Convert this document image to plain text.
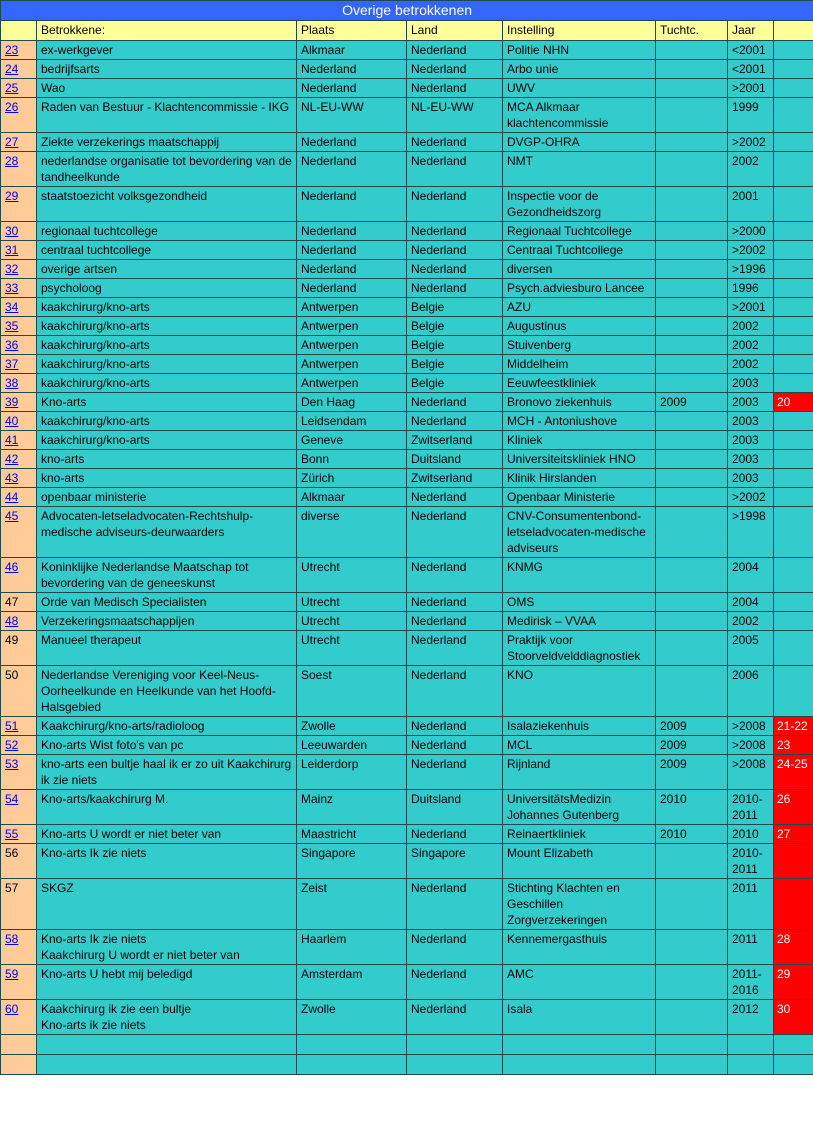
Overige betrokkenen							
	Betrokkene:	Plaats	Land	Instelling	Tuchtc.	Jaar	
23	ex-werkgever	Alkmaar	Nederland	Politie NHN		<2001	
24	bedrijfsarts	Nederland	Nederland	Arbo unie		<2001	
25	Wao	Nederland	Nederland	UWV		>2001	
26	Raden van Bestuur - Klachtencommissie - IKG	NL-EU-WW	NL-EU-WW	MCA Alkmaar klachtencommissie		1999	
27	Ziekte verzekerings maatschappij	Nederland	Nederland	DVGP-OHRA		>2002	
28	nederlandse organisatie tot bevordering van de tandheelkunde	Nederland	Nederland	NMT		2002	
29	staatstoezicht volksgezondheid	Nederland	Nederland	Inspectie voor de Gezondheidszorg		2001	
30	regionaal tuchtcollege	Nederland	Nederland	Regionaal Tuchtcollege		>2000	
31	centraal tuchtcollege	Nederland	Nederland	Centraal Tuchtcollege		>2002	
32	overige artsen	Nederland	Nederland	diversen		>1996	
33	psycholoog	Nederland	Nederland	Psych.adviesburo Lancee		1996	
34	kaakchirurg/kno-arts	Antwerpen	Belgie	AZU		>2001	
35	kaakchirurg/kno-arts	Antwerpen	Belgie	Augustinus		2002	
36	kaakchirurg/kno-arts	Antwerpen	Belgie	Stuivenberg		2002	
37	kaakchirurg/kno-arts	Antwerpen	Belgie	Middelheim		2002	
38	kaakchirurg/kno-arts	Antwerpen	Belgie	Eeuwfeestkliniek		2003	
39	Kno-arts	Den Haag	Nederland	Bronovo ziekenhuis	2009	2003	20
40	kaakchirurg/kno-arts	Leidsendam	Nederland	MCH - Antoniushove		2003	
41	kaakchirurg/kno-arts	Geneve	Zwitserland	Kliniek		2003	
42	kno-arts	Bonn	Duitsland	Universiteitskliniek HNO		2003	
43	kno-arts	Zürich	Zwitserland	Klinik Hirslanden		2003	
44	openbaar ministerie	Alkmaar	Nederland	Openbaar Ministerie		>2002	
45	Advocaten-letseladvocaten-Rechtshulp-medische adviseurs-deurwaarders	diverse	Nederland	CNV-Consumentenbond-letseladvocaten-medische adviseurs		>1998	
46	Koninklijke Nederlandse Maatschap tot bevordering van de geneeskunst	Utrecht	Nederland	KNMG		2004	
47	Orde van Medisch Specialisten	Utrecht	Nederland	OMS		2004	
48	Verzekeringsmaatschappijen	Utrecht	Nederland	Medirisk – VVAA		2002	
49	Manueel therapeut	Utrecht	Nederland	Praktijk voor Stoorveldvelddiagnostiek		2005	
50	Nederlandse Vereniging voor Keel-Neus-Oorheelkunde en Heelkunde van het Hoofd-Halsgebied	Soest	Nederland	KNO		2006	
51	Kaakchirurg/kno-arts/radioloog	Zwolle	Nederland	Isalaziekenhuis	2009	>2008	21-22
52	Kno-arts Wist foto's van pc	Leeuwarden	Nederland	MCL	2009	>2008	23
53	kno-arts een bultje haal ik er zo uit Kaakchirurg ik zie niets	Leiderdorp	Nederland	Rijnland	2009	>2008	24-25
54	Kno-arts/kaakchirurg M.	Mainz	Duitsland	UniversitätsMedizin Johannes Gutenberg	2010	2010-2011	26
55	Kno-arts U wordt er niet beter van	Maastricht	Nederland	Reinaertkliniek	2010	2010	27
56	Kno-arts Ik zie niets	Singapore	Singapore	Mount Elizabeth		2010-2011	
57	SKGZ	Zeist	Nederland	Stichting Klachten en Geschillen Zorgverzekeringen		2011	
58	Kno-arts Ik zie niets
Kaakchirurg U wordt er niet beter van	Haarlem	Nederland	Kennemergasthuis		2011	28
59	Kno-arts U hebt mij beledigd	Amsterdam	Nederland	AMC		2011-2016	29
60	Kaakchirurg ik zie een bultje
Kno-arts ik zie niets	Zwolle	Nederland	Isala		2012	30
